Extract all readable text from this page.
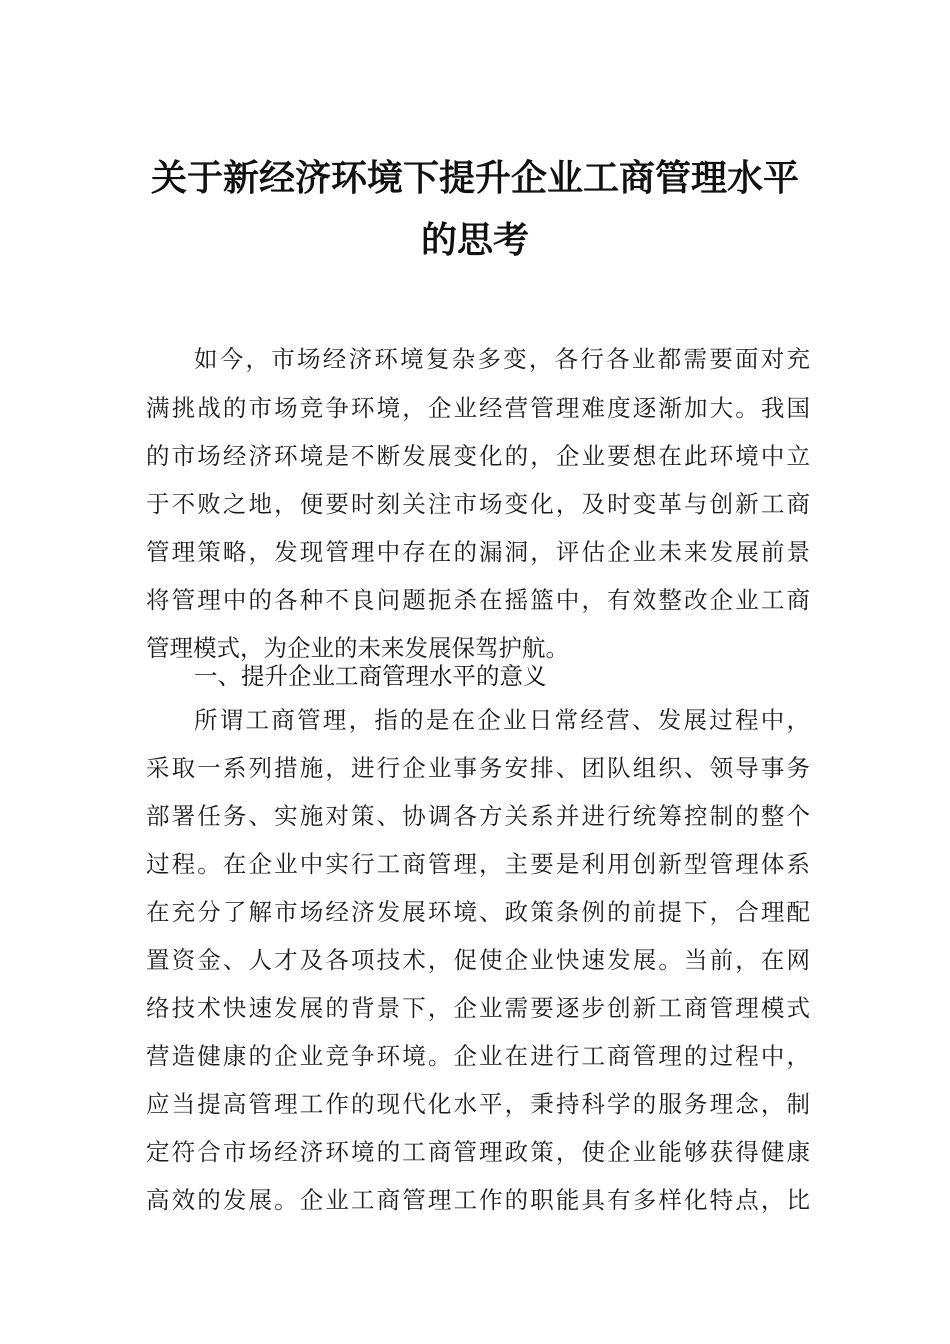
关于新经济环境下提升企业工商管理水平
的思考
如今，市场经济环境复杂多变，各行各业都需要面对充
满挑战的市场竞争环境，企业经营管理难度逐渐加大。我国
的市场经济环境是不断发展变化的，企业要想在此环境中立
于不败之地，便要时刻关注市场变化，及时变革与创新工商
管理策略，发现管理中存在的漏洞，评估企业未来发展前景
将管理中的各种不良问题扼杀在摇篮中，有效整改企业工商
管理模式，为企业的未来发展保驾护航。
一、提升企业工商管理水平的意义
所谓工商管理，指的是在企业日常经营、发展过程中，
采取一系列措施，进行企业事务安排、团队组织、领导事务
部署任务、实施对策、协调各方关系并进行统筹控制的整个
过程。在企业中实行工商管理，主要是利用创新型管理体系
在充分了解市场经济发展环境、政策条例的前提下，合理配
置资金、人才及各项技术，促使企业快速发展。当前，在网
络技术快速发展的背景下，企业需要逐步创新工商管理模式
营造健康的企业竞争环境。企业在进行工商管理的过程中，
应当提高管理工作的现代化水平，秉持科学的服务理念，制
定符合市场经济环境的工商管理政策，使企业能够获得健康
高效的发展。企业工商管理工作的职能具有多样化特点，比
